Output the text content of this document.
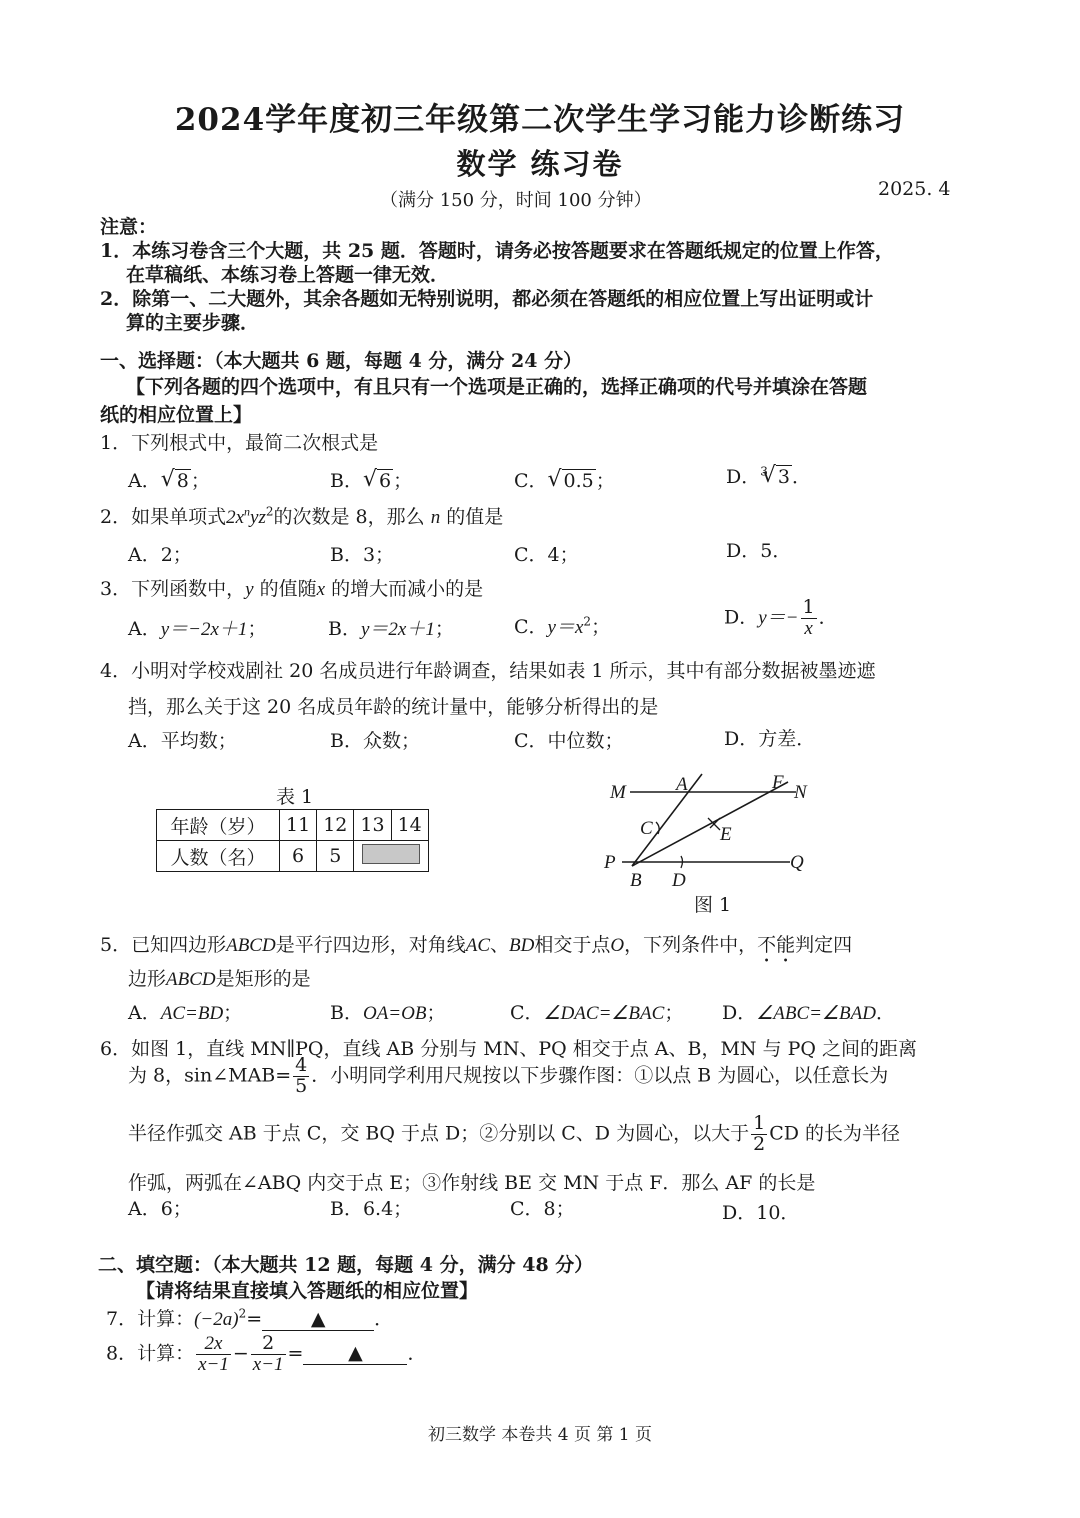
2024学年度初三年级第二次学生学习能力诊断练习
数学 练习卷
（满分 150 分，时间 100 分钟）
2025. 4
注意：
1．本练习卷含三个大题，共 25 题．答题时，请务必按答题要求在答题纸规定的位置上作答，
在草稿纸、本练习卷上答题一律无效．
2．除第一、二大题外，其余各题如无特别说明，都必须在答题纸的相应位置上写出证明或计
算的主要步骤．
一、选择题：（本大题共 6 题，每题 4 分，满分 24 分）
【下列各题的四个选项中，有且只有一个选项是正确的，选择正确项的代号并填涂在答题
纸的相应位置上】
1．下列根式中，最简二次根式是
A． √ 8 ；	B． √ 6 ；	C． √ 0.5 ；	D．$^3$ √ 3 ．
2．如果单项式$2x^nyz^2$的次数是 8，那么 n 的值是
A．2；	B．3；	C．4；	D．5．
3．下列函数中，y 的值随x 的增大而减小的是
A．y＝−2x＋1；	B．y＝2x＋1；	C．$y=x^2$；	D．$y=- \frac{1}{x}$ ．
4．小明对学校戏剧社 20 名成员进行年龄调查，结果如表 1 所示，其中有部分数据被墨迹遮
挡，那么关于这 20 名成员年龄的统计量中，能够分析得出的是
A．平均数；	B．众数；	C．中位数；	D．方差．
表 1
年龄（岁）	11	12	13	14
人数（名）	6	5		
M	A	F N
C	E
P
B D
Q
图 1
5．已知四边形ABCD是平行四边形，对角线AC、BD相交于点O，下列条件中，不能判定四
边形ABCD是矩形的是
A．AC=BD；	B．OA=OB；	C．∠DAC=∠BAC； D．∠ABC=∠BAD．
6．如图 1，直线 MN∥PQ，直线 AB 分别与 MN、PQ 相交于点 A、B，MN 与 PQ 之间的距离
为 8，sin∠MAB= $\frac{4}{5}$ ．小明同学利用尺规按以下步骤作图：①以点 B 为圆心，以任意长为
半径作弧交 AB 于点 C，交 BQ 于点 D；②分别以 C、D 为圆心，以大于 $\frac{1}{2}$ CD 的长为半径
作弧，两弧在∠ABQ 内交于点 E；③作射线 BE 交 MN 于点 F．那么 AF 的长是
A．6；	B．6.4；	C．8；	D．10．
二、填空题：（本大题共 12 题，每题 4 分，满分 48 分）
【请将结果直接填入答题纸的相应位置】
7．计算：$(-2a)^2=$	▲	．
8．计算： $\frac{2x}{x-1} - \frac{2}{x-1}$ = ▲ ．
初三数学 本卷共 4 页 第 1 页
